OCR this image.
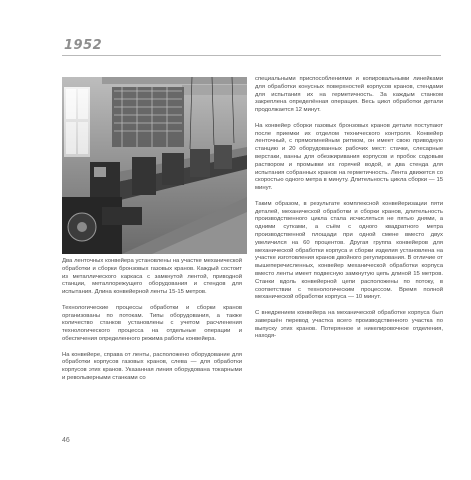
1952

Два ленточных конвейера установлены на участке механической обработки и сборки бронзовых газовых кранов. Каждый состоит из металлического каркаса с замкнутой лентой, приводной станции, металлорежущего оборудования и стендов для испытания. Длина конвейерной ленты 15-15 метров.

Технологические процессы обработки и сборки кранов организованы по потокам. Типы оборудования, а также количество станков установлены с учетом расчленения технологического процесса на отдельные операции и обеспечения определенного режима работы конвейера.

На конвейере, справа от ленты, расположено оборудование для обработки корпусов газовых кранов, слева — для обработки корпусов этих кранов. Указанная линия оборудована токарными и револьверными станками со

специальными приспособлениями и копировальными линейками для обработки конусных поверхностей корпусов кранов, стендами для испытания их на герметичность. За каждым станком закреплена определённая операция. Весь цикл обработки детали продолжается 12 минут.

На конвейер сборки газовых бронзовых кранов детали поступают после приемки их отделом технического контроля. Конвейер ленточный, с прямолинейным ритмом, он имеет свою приводную станцию и 20 оборудованных рабочих мест: стачки, слесарные верстаки, ванны для обезжиривания корпусов и пробок содовым раствором и промывки их горячей водой, и два стенда для испытания собранных кранов на герметичность. Лента движется со скоростью одного метра в минуту. Длительность цикла сборки — 15 минут.

Таким образом, в результате комплексной конвейеризации пяти деталей, механической обработки и сборки кранов, длительность производственного цикла стала исчисляться не пятью днями, а одними сутками, а съём с одного квадратного метра производственной площади при одной смене вместо двух увеличился на 60 процентов. Другая группа конвейеров для механической обработки корпуса и сборки изделия установлена на участке изготовления кранов двойного регулирования. В отличие от вышеперечисленных, конвейер механической обработки корпуса вместо ленты имеет подвесную замкнутую цепь длиной 15 метров. Станки вдоль конвейерной цепи расположены по потоку, в соответствии с технологическим процессом. Время полной механической обработки корпуса — 10 минут.

С внедрением конвейера на механической обработке корпуса был завершён перевод участка всего производственного участка по выпуску этих кранов. Потерянное и никелировочное отделения, находя-

46
